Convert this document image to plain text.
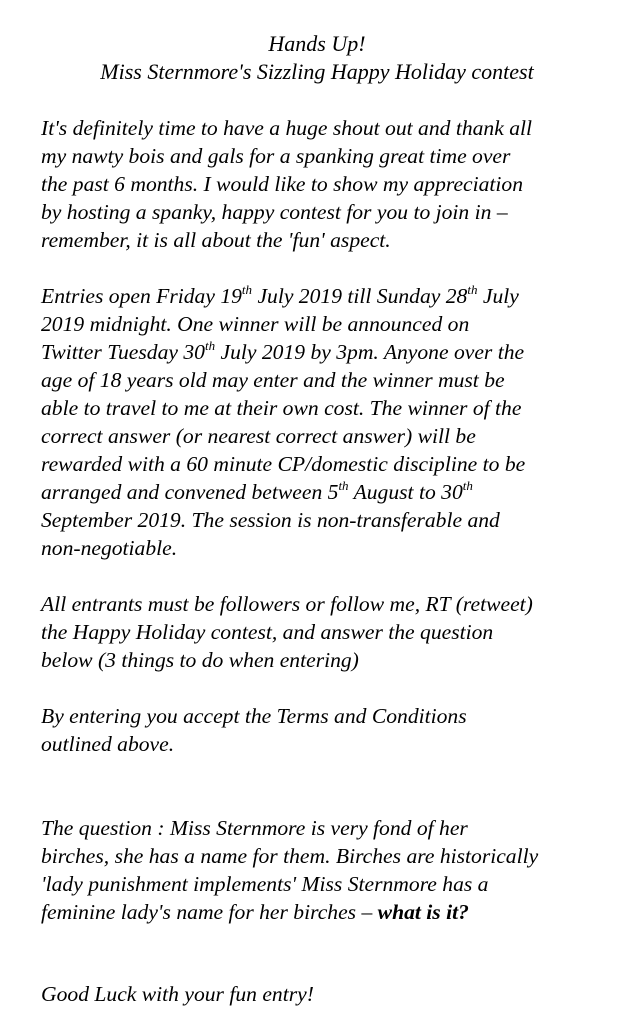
Hands Up!
Miss Sternmore's Sizzling Happy Holiday contest
It's definitely time to have a huge shout out and thank all
my nawty bois and gals for a spanking great time over
the past 6 months. I would like to show my appreciation
by hosting a spanky, happy contest for you to join in –
remember, it is all about the 'fun' aspect.
Entries open Friday 19th July 2019 till Sunday 28th July
2019 midnight. One winner will be announced on
Twitter Tuesday 30th July 2019 by 3pm. Anyone over the
age of 18 years old may enter and the winner must be
able to travel to me at their own cost. The winner of the
correct answer (or nearest correct answer) will be
rewarded with a 60 minute CP/domestic discipline to be
arranged and convened between 5th August to 30th
September 2019. The session is non-transferable and
non-negotiable.
All entrants must be followers or follow me, RT (retweet)
the Happy Holiday contest, and answer the question
below (3 things to do when entering)
By entering you accept the Terms and Conditions
outlined above.
The question : Miss Sternmore is very fond of her
birches, she has a name for them. Birches are historically
'lady punishment implements' Miss Sternmore has a
feminine lady's name for her birches – what is it?
Good Luck with your fun entry!
